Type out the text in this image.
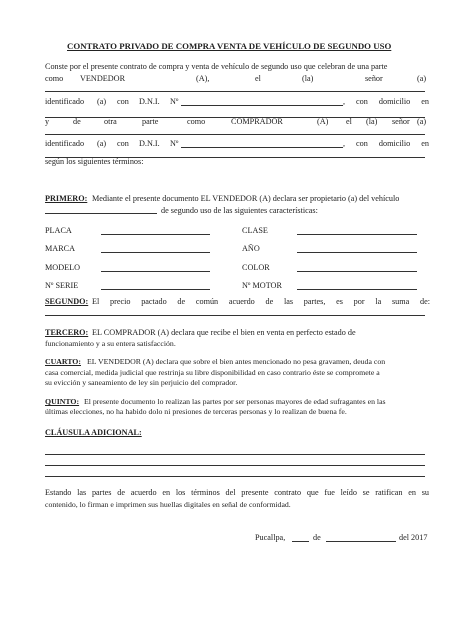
CONTRATO PRIVADO DE COMPRA VENTA DE VEHÍCULO DE SEGUNDO USO
Conste por el presente contrato de compra y venta de vehículo de segundo uso que celebran de una parte
como VENDEDOR	(A),	el	(la)	señor	(a)
identificado (a) con D.N.I. Nº	, con domicilio en
y	de	otra	parte	como	COMPRADOR	(A) el (la) señor (a)
identificado (a) con D.N.I. Nº	, con domicilio en
según los siguientes términos:
PRIMERO: Mediante el presente documento EL VENDEDOR (A) declara ser propietario (a) del vehículo
de segundo uso de las siguientes características:
PLACA	CLASE
MARCA	AÑO
MODELO	COLOR
Nº SERIE	Nº MOTOR
SEGUNDO: El precio pactado de común acuerdo de las partes, es por la suma de:
TERCERO: EL COMPRADOR (A) declara que recibe el bien en venta en perfecto estado de
funcionamiento y a su entera satisfacción.
CUARTO: EL VENDEDOR (A) declara que sobre el bien antes mencionado no pesa gravamen, deuda con
casa comercial, medida judicial que restrinja su libre disponibilidad en caso contrario éste se compromete a
su evicción y saneamiento de ley sin perjuicio del comprador.
QUINTO: El presente documento lo realizan las partes por ser personas mayores de edad sufragantes en las
últimas elecciones, no ha habido dolo ni presiones de terceras personas y lo realizan de buena fe.
CLÁUSULA ADICIONAL:
Estando las partes de acuerdo en los términos del presente contrato que fue leído se ratifican en su
contenido, lo firman e imprimen sus huellas digitales en señal de conformidad.
Pucallpa,	de	del 2017
